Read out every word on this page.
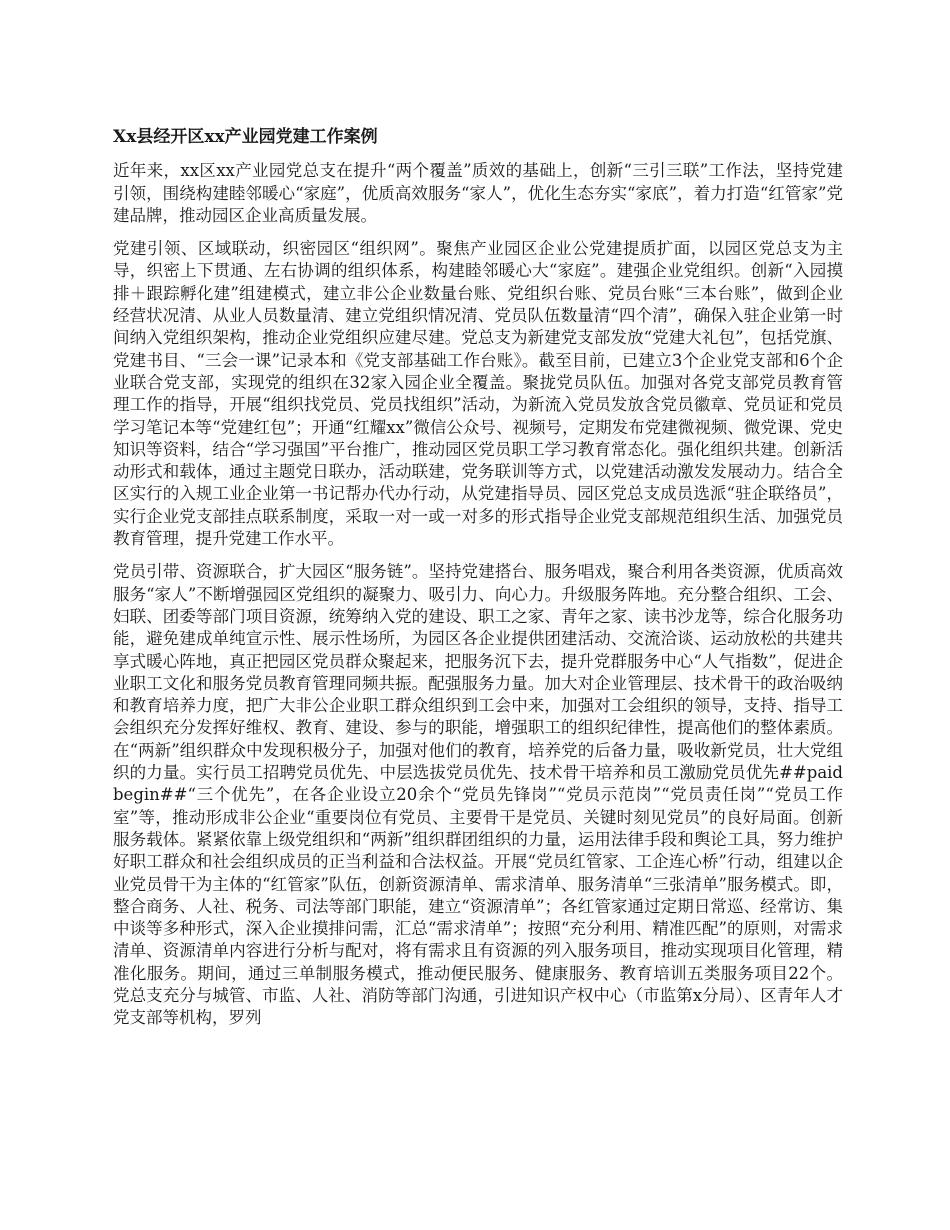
Xx县经开区xx产业园党建工作案例

近年来，xx区xx产业园党总支在提升“两个覆盖”质效的基础上，创新“三引三联”工作法，坚持党建引领，围绕构建睦邻暖心“家庭”，优质高效服务“家人”，优化生态夯实“家底”，着力打造“红管家”党建品牌，推动园区企业高质量发展。

党建引领、区域联动，织密园区“组织网”。聚焦产业园区企业公党建提质扩面，以园区党总支为主导，织密上下贯通、左右协调的组织体系，构建睦邻暖心大“家庭”。建强企业党组织。创新“入园摸排＋跟踪孵化建”组建模式，建立非公企业数量台账、党组织台账、党员台账“三本台账”，做到企业经营状况清、从业人员数量清、建立党组织情况清、党员队伍数量清“四个清”，确保入驻企业第一时间纳入党组织架构，推动企业党组织应建尽建。党总支为新建党支部发放“党建大礼包”，包括党旗、党建书目、“三会一课”记录本和《党支部基础工作台账》。截至目前，已建立3个企业党支部和6个企业联合党支部，实现党的组织在32家入园企业全覆盖。聚拢党员队伍。加强对各党支部党员教育管理工作的指导，开展“组织找党员、党员找组织”活动，为新流入党员发放含党员徽章、党员证和党员学习笔记本等“党建红包”；开通“红耀xx”微信公众号、视频号，定期发布党建微视频、微党课、党史知识等资料，结合“学习强国”平台推广，推动园区党员职工学习教育常态化。强化组织共建。创新活动形式和载体，通过主题党日联办，活动联建，党务联训等方式，以党建活动激发发展动力。结合全区实行的入规工业企业第一书记帮办代办行动，从党建指导员、园区党总支成员选派“驻企联络员”，实行企业党支部挂点联系制度，采取一对一或一对多的形式指导企业党支部规范组织生活、加强党员教育管理，提升党建工作水平。

党员引带、资源联合，扩大园区“服务链”。坚持党建搭台、服务唱戏，聚合利用各类资源，优质高效服务“家人”不断增强园区党组织的凝聚力、吸引力、向心力。升级服务阵地。充分整合组织、工会、妇联、团委等部门项目资源，统筹纳入党的建设、职工之家、青年之家、读书沙龙等，综合化服务功能，避免建成单纯宣示性、展示性场所，为园区各企业提供团建活动、交流洽谈、运动放松的共建共享式暖心阵地，真正把园区党员群众聚起来，把服务沉下去，提升党群服务中心“人气指数”，促进企业职工文化和服务党员教育管理同频共振。配强服务力量。加大对企业管理层、技术骨干的政治吸纳和教育培养力度，把广大非公企业职工群众组织到工会中来，加强对工会组织的领导，支持、指导工会组织充分发挥好维权、教育、建设、参与的职能，增强职工的组织纪律性，提高他们的整体素质。在“两新”组织群众中发现积极分子，加强对他们的教育，培养党的后备力量，吸收新党员，壮大党组织的力量。实行员工招聘党员优先、中层选拔党员优先、技术骨干培养和员工激励党员优先##paidbegin##“三个优先”，在各企业设立20余个“党员先锋岗”“党员示范岗”“党员责任岗”“党员工作室”等，推动形成非公企业“重要岗位有党员、主要骨干是党员、关键时刻见党员”的良好局面。创新服务载体。紧紧依靠上级党组织和“两新”组织群团组织的力量，运用法律手段和舆论工具，努力维护好职工群众和社会组织成员的正当利益和合法权益。开展“党员红管家、工企连心桥”行动，组建以企业党员骨干为主体的“红管家”队伍，创新资源清单、需求清单、服务清单“三张清单”服务模式。即，整合商务、人社、税务、司法等部门职能，建立“资源清单”；各红管家通过定期日常巡、经常访、集中谈等多种形式，深入企业摸排问需，汇总“需求清单”；按照“充分利用、精准匹配”的原则，对需求清单、资源清单内容进行分析与配对，将有需求且有资源的列入服务项目，推动实现项目化管理，精准化服务。期间，通过三单制服务模式，推动便民服务、健康服务、教育培训五类服务项目22个。党总支充分与城管、市监、人社、消防等部门沟通，引进知识产权中心（市监第x分局）、区青年人才党支部等机构，罗列
